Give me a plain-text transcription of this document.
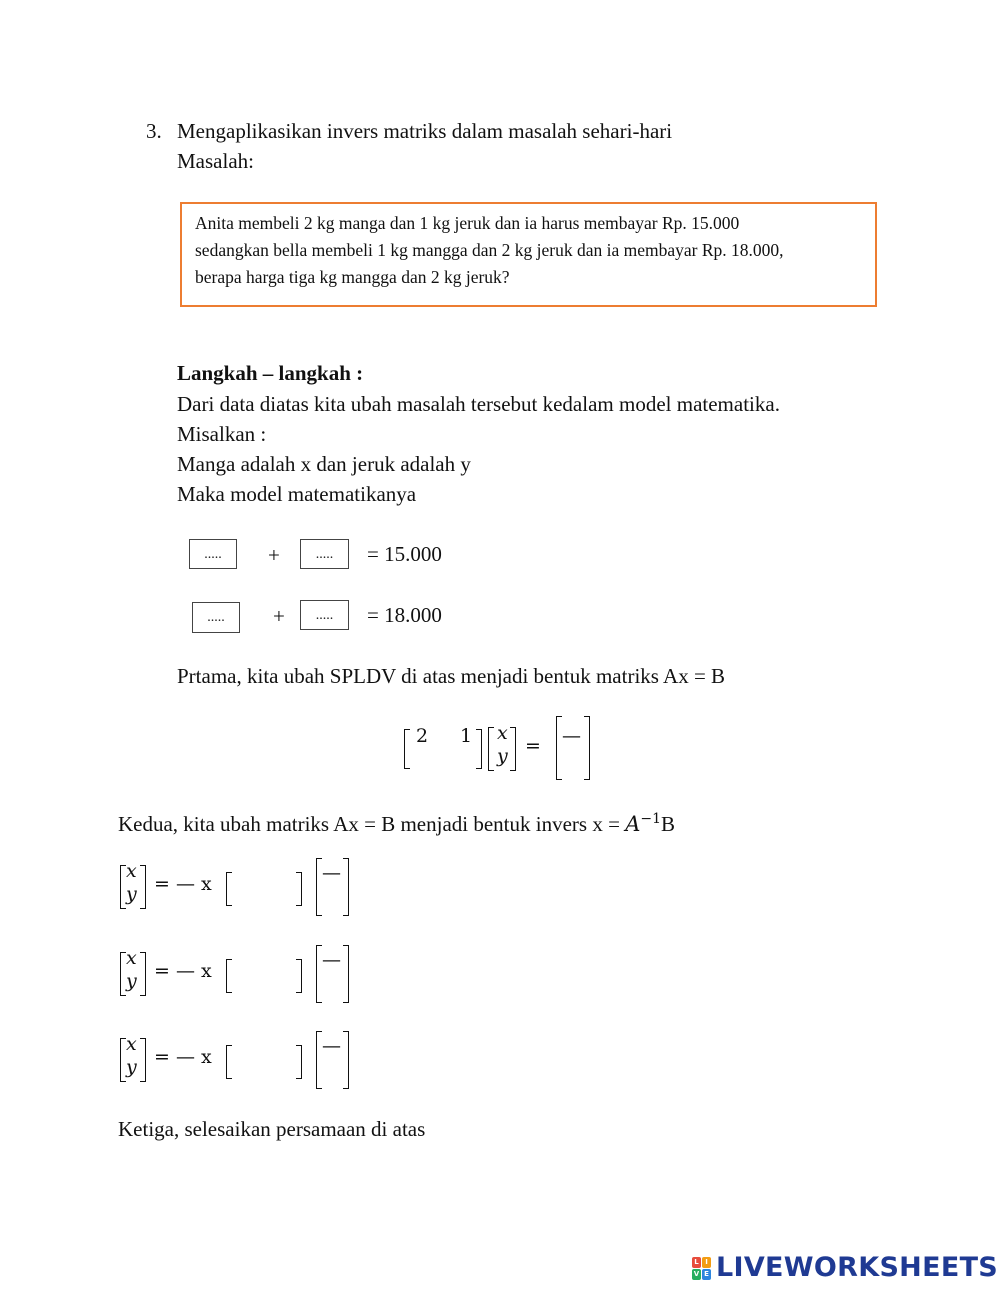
3. Mengaplikasikan invers matriks dalam masalah sehari-hari
Masalah:
Anita membeli 2 kg manga dan 1 kg jeruk dan ia harus membayar Rp. 15.000
sedangkan bella membeli 1 kg mangga dan 2 kg jeruk dan ia membayar Rp. 18.000,
berapa harga tiga kg mangga dan 2 kg jeruk?
Langkah – langkah :
Dari data diatas kita ubah masalah tersebut kedalam model matematika.
Misalkan :
Manga adalah x dan jeruk adalah y
Maka model matematikanya
.....	+	.....	= 15.000
.....	+	.....	= 18.000
Prtama, kita ubah SPLDV di atas menjadi bentuk matriks Ax = B
2 1 x
y = —
Kedua, kita ubah matriks Ax = B menjadi bentuk invers $x = A^{-1}B$
x
y = — x	—
x
y = — x	—
x
y = — x	—
Ketiga, selesaikan persamaan di atas
L I
V E LIVEWORKSHEETS
